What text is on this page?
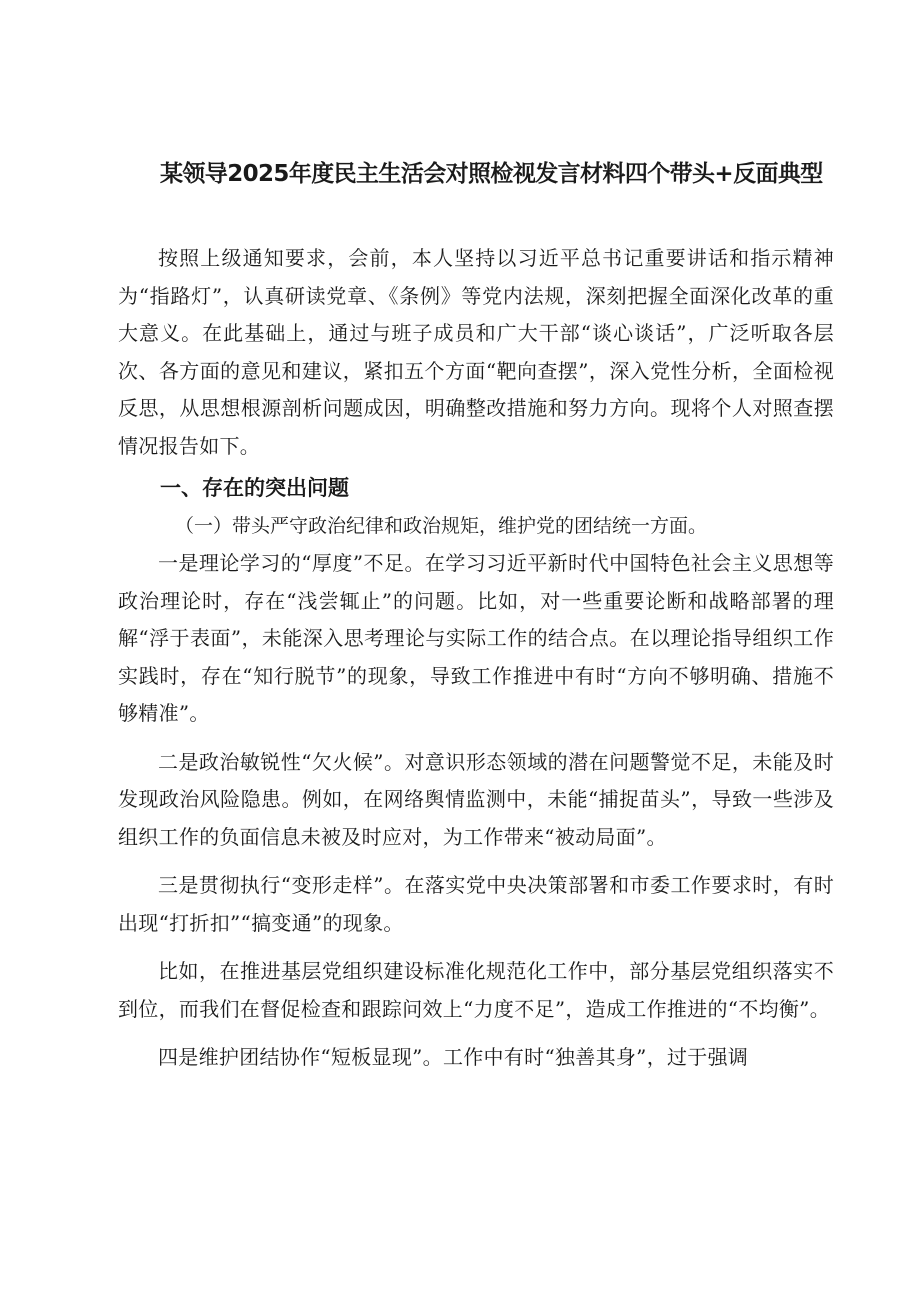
某领导2025年度民主生活会对照检视发言材料四个带头+反面典型

按照上级通知要求，会前，本人坚持以习近平总书记重要讲话和指示精神为“指路灯”，认真研读党章、《条例》等党内法规，深刻把握全面深化改革的重大意义。在此基础上，通过与班子成员和广大干部“谈心谈话”，广泛听取各层次、各方面的意见和建议，紧扣五个方面“靶向查摆”，深入党性分析，全面检视反思，从思想根源剖析问题成因，明确整改措施和努力方向。现将个人对照查摆情况报告如下。

一、存在的突出问题

（一）带头严守政治纪律和政治规矩，维护党的团结统一方面。

一是理论学习的“厚度”不足。在学习习近平新时代中国特色社会主义思想等政治理论时，存在“浅尝辄止”的问题。比如，对一些重要论断和战略部署的理解“浮于表面”，未能深入思考理论与实际工作的结合点。在以理论指导组织工作实践时，存在“知行脱节”的现象，导致工作推进中有时“方向不够明确、措施不够精准”。

二是政治敏锐性“欠火候”。对意识形态领域的潜在问题警觉不足，未能及时发现政治风险隐患。例如，在网络舆情监测中，未能“捕捉苗头”，导致一些涉及组织工作的负面信息未被及时应对，为工作带来“被动局面”。

三是贯彻执行“变形走样”。在落实党中央决策部署和市委工作要求时，有时出现“打折扣”“搞变通”的现象。

比如，在推进基层党组织建设标准化规范化工作中，部分基层党组织落实不到位，而我们在督促检查和跟踪问效上“力度不足”，造成工作推进的“不均衡”。

四是维护团结协作“短板显现”。工作中有时“独善其身”，过于强调
